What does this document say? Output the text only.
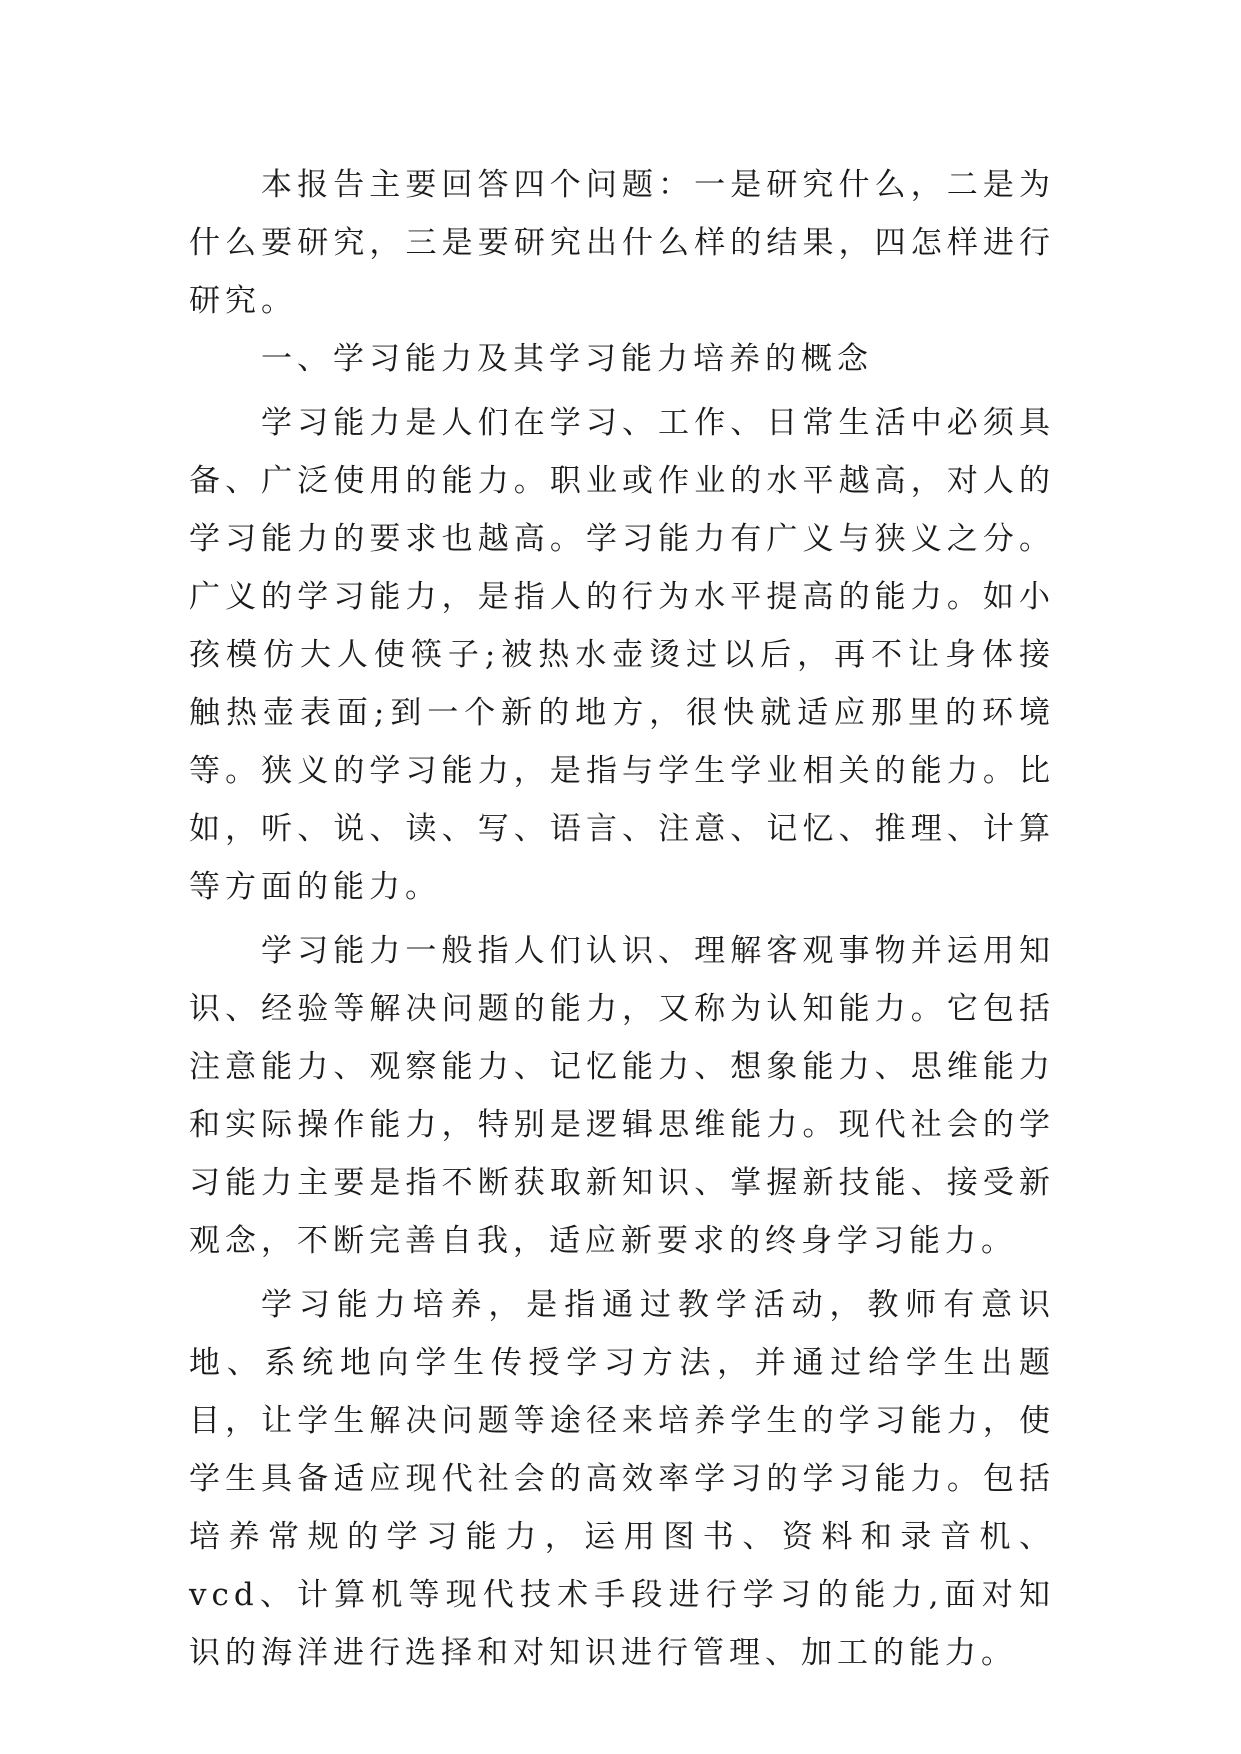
本报告主要回答四个问题：一是研究什么，二是为什么要研究，三是要研究出什么样的结果，四怎样进行研究。

一、学习能力及其学习能力培养的概念

学习能力是人们在学习、工作、日常生活中必须具备、广泛使用的能力。职业或作业的水平越高，对人的学习能力的要求也越高。学习能力有广义与狭义之分。广义的学习能力，是指人的行为水平提高的能力。如小孩模仿大人使筷子;被热水壶烫过以后，再不让身体接触热壶表面;到一个新的地方，很快就适应那里的环境等。狭义的学习能力，是指与学生学业相关的能力。比如，听、说、读、写、语言、注意、记忆、推理、计算等方面的能力。

学习能力一般指人们认识、理解客观事物并运用知识、经验等解决问题的能力，又称为认知能力。它包括注意能力、观察能力、记忆能力、想象能力、思维能力和实际操作能力，特别是逻辑思维能力。现代社会的学习能力主要是指不断获取新知识、掌握新技能、接受新观念，不断完善自我，适应新要求的终身学习能力。

学习能力培养，是指通过教学活动，教师有意识地、系统地向学生传授学习方法，并通过给学生出题目，让学生解决问题等途径来培养学生的学习能力，使学生具备适应现代社会的高效率学习的学习能力。包括培养常规的学习能力，运用图书、资料和录音机、vcd、计算机等现代技术手段进行学习的能力,面对知识的海洋进行选择和对知识进行管理、加工的能力。
